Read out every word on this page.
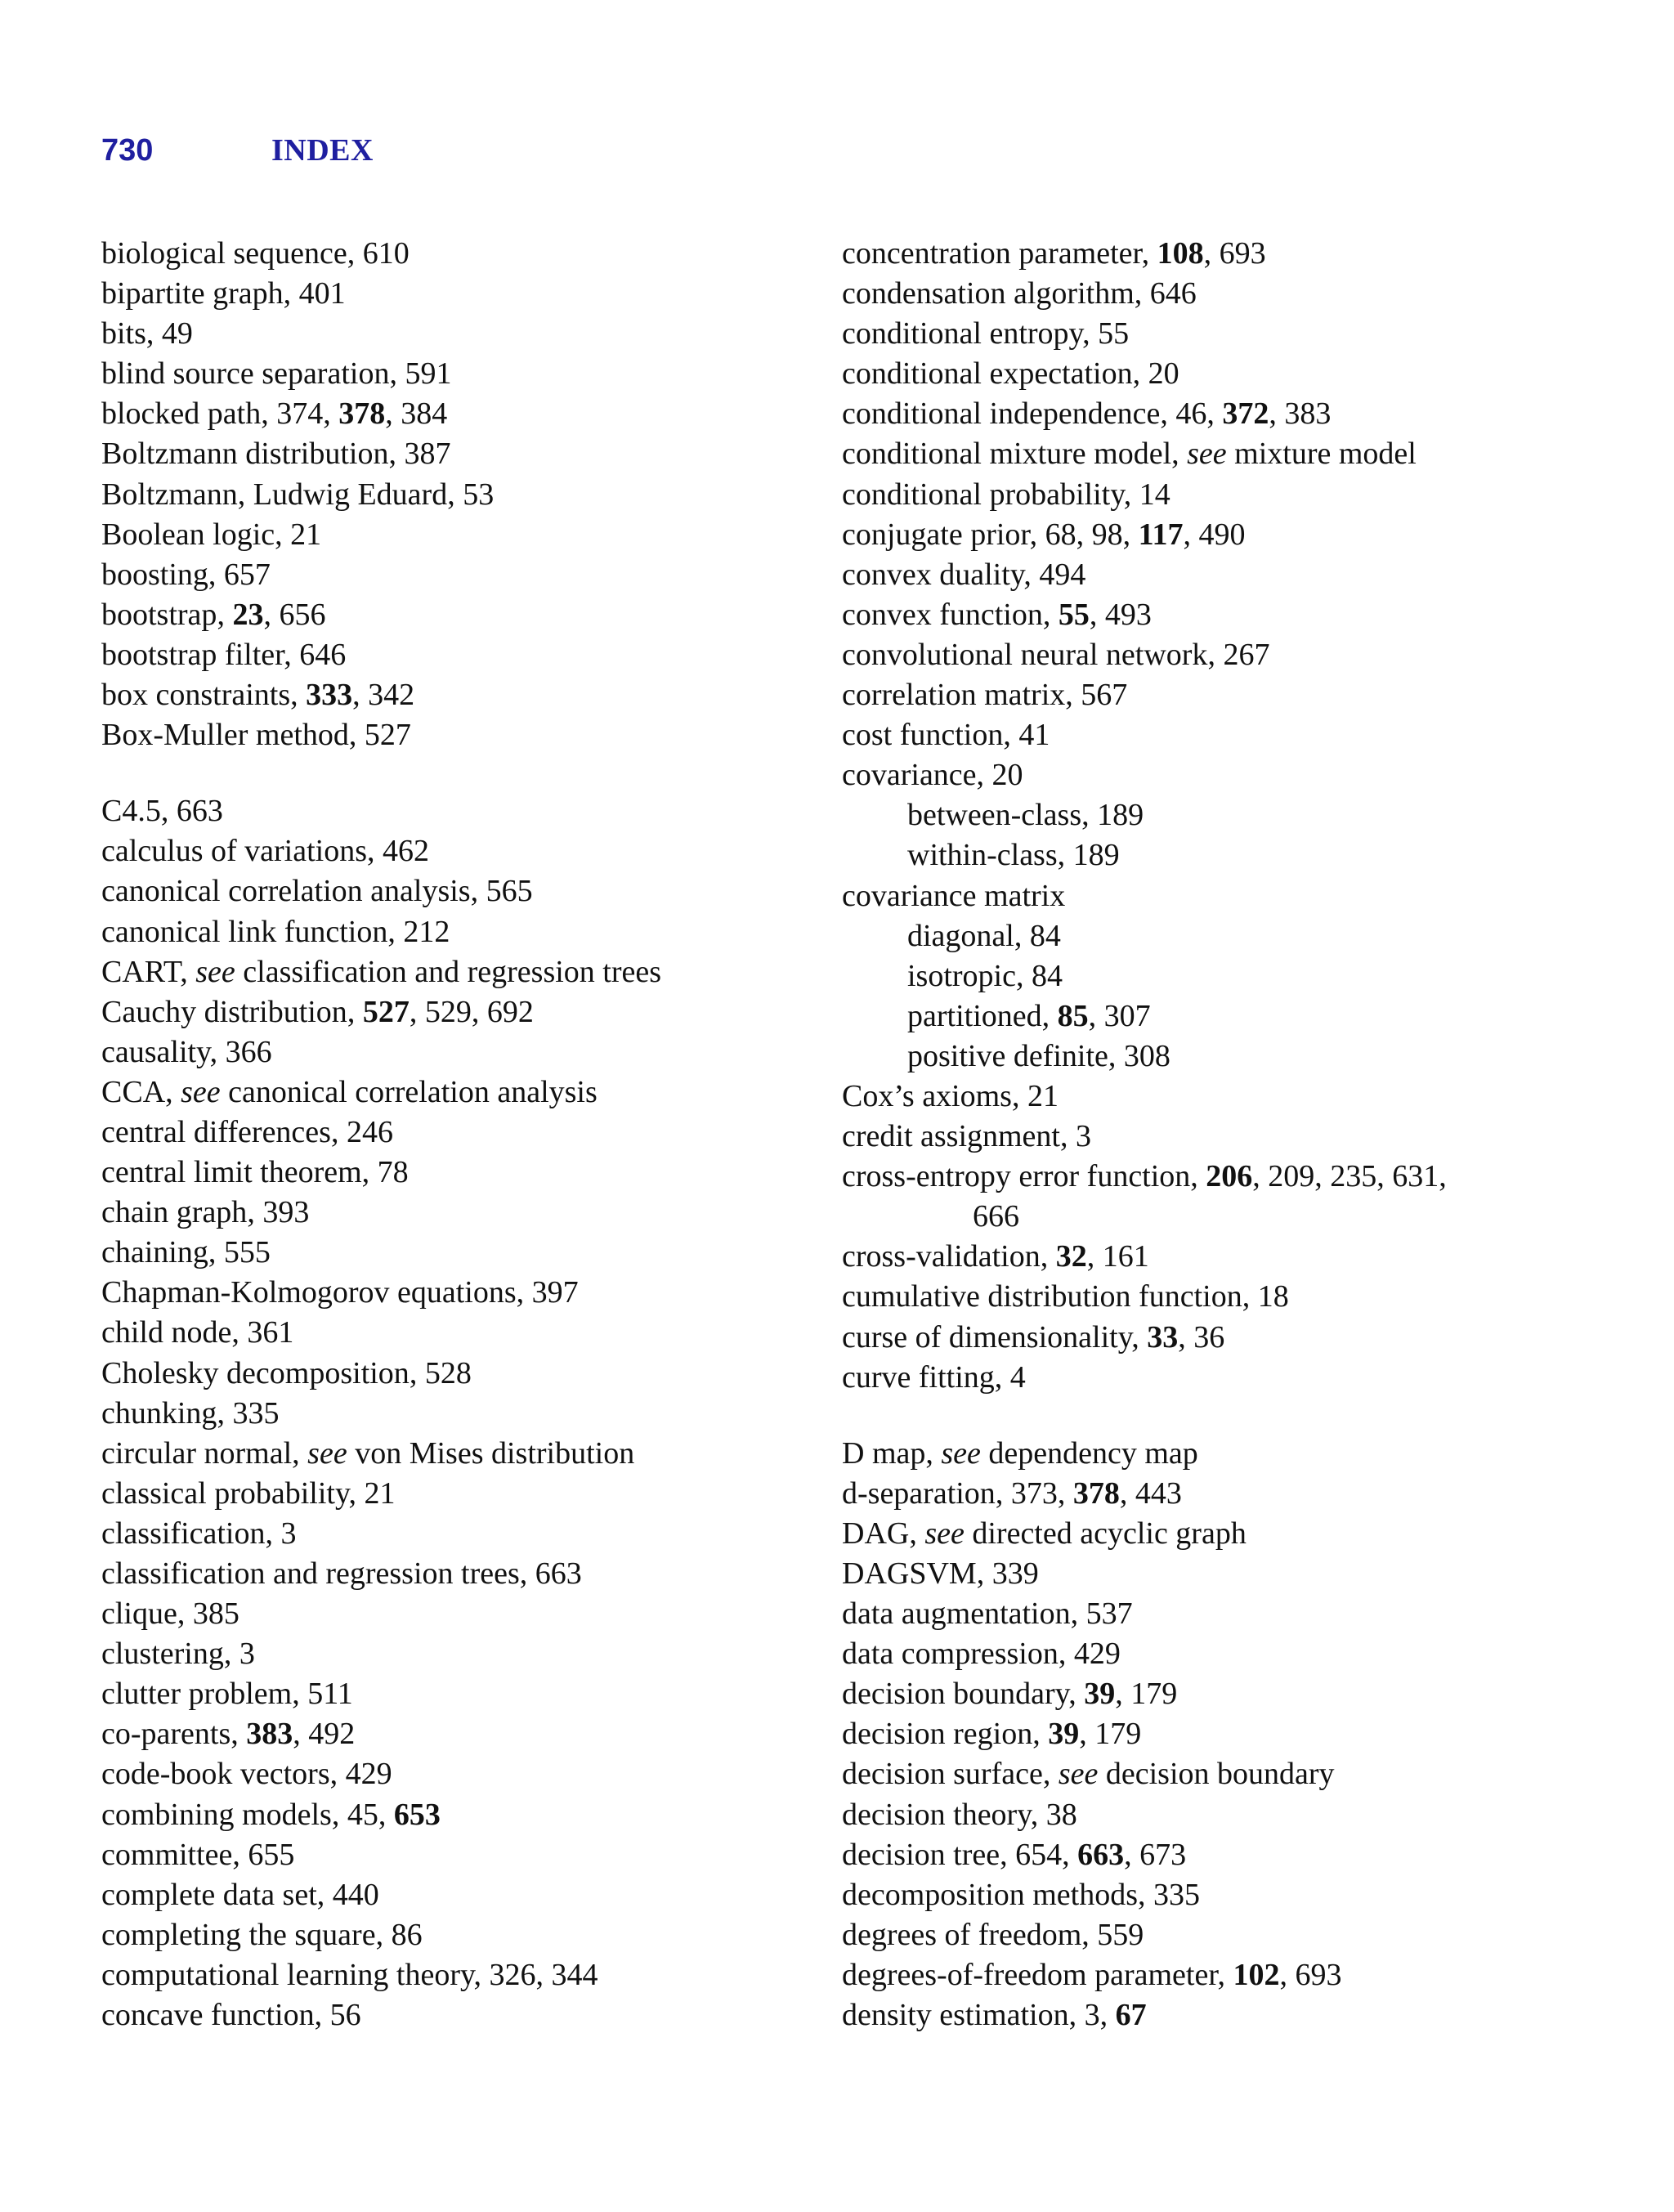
730	INDEX
biological sequence, 610
bipartite graph, 401
bits, 49
blind source separation, 591
blocked path, 374, 378, 384
Boltzmann distribution, 387
Boltzmann, Ludwig Eduard, 53
Boolean logic, 21
boosting, 657
bootstrap, 23, 656
bootstrap filter, 646
box constraints, 333, 342
Box-Muller method, 527
C4.5, 663
calculus of variations, 462
canonical correlation analysis, 565
canonical link function, 212
CART, see classification and regression trees
Cauchy distribution, 527, 529, 692
causality, 366
CCA, see canonical correlation analysis
central differences, 246
central limit theorem, 78
chain graph, 393
chaining, 555
Chapman-Kolmogorov equations, 397
child node, 361
Cholesky decomposition, 528
chunking, 335
circular normal, see von Mises distribution
classical probability, 21
classification, 3
classification and regression trees, 663
clique, 385
clustering, 3
clutter problem, 511
co-parents, 383, 492
code-book vectors, 429
combining models, 45, 653
committee, 655
complete data set, 440
completing the square, 86
computational learning theory, 326, 344
concave function, 56
concentration parameter, 108, 693
condensation algorithm, 646
conditional entropy, 55
conditional expectation, 20
conditional independence, 46, 372, 383
conditional mixture model, see mixture model
conditional probability, 14
conjugate prior, 68, 98, 117, 490
convex duality, 494
convex function, 55, 493
convolutional neural network, 267
correlation matrix, 567
cost function, 41
covariance, 20
between-class, 189
within-class, 189
covariance matrix
diagonal, 84
isotropic, 84
partitioned, 85, 307
positive definite, 308
Cox’s axioms, 21
credit assignment, 3
cross-entropy error function, 206, 209, 235, 631,
666
cross-validation, 32, 161
cumulative distribution function, 18
curse of dimensionality, 33, 36
curve fitting, 4
D map, see dependency map
d-separation, 373, 378, 443
DAG, see directed acyclic graph
DAGSVM, 339
data augmentation, 537
data compression, 429
decision boundary, 39, 179
decision region, 39, 179
decision surface, see decision boundary
decision theory, 38
decision tree, 654, 663, 673
decomposition methods, 335
degrees of freedom, 559
degrees-of-freedom parameter, 102, 693
density estimation, 3, 67
